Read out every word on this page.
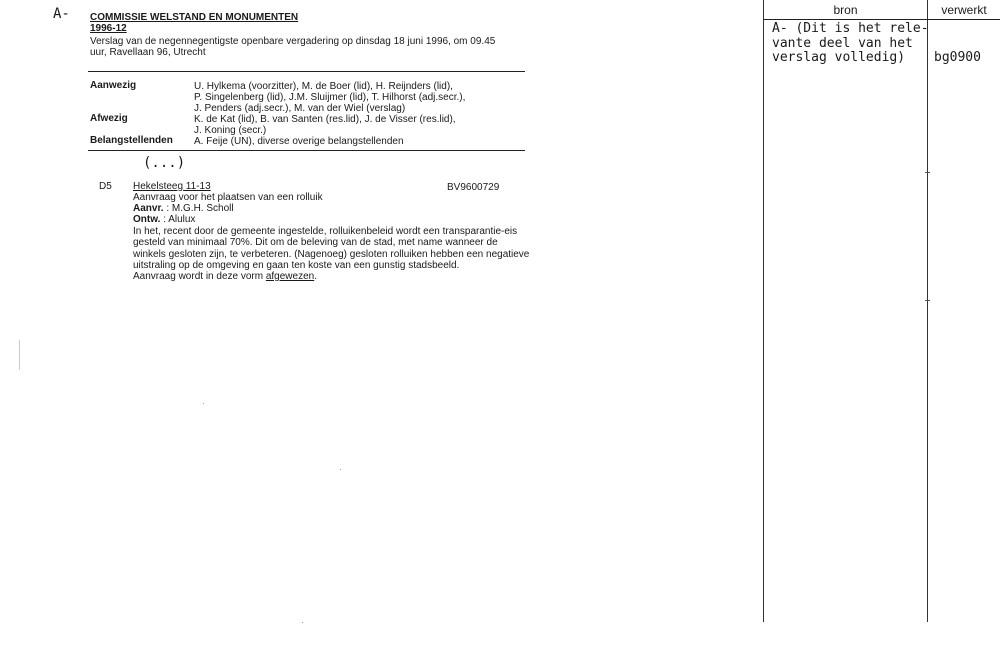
A- COMMISSIE WELSTAND EN MONUMENTEN
1996-12
Verslag van de negennegentigste openbare vergadering op dinsdag 18 juni 1996, om 09.45
uur, Ravellaan 96, Utrecht
Aanwezig	U. Hylkema (voorzitter), M. de Boer (lid), H. Reijnders (lid),
P. Singelenberg (lid), J.M. Sluijmer (lid), T. Hilhorst (adj.secr.),
J. Penders (adj.secr.), M. van der Wiel (verslag)
Afwezig	K. de Kat (lid), B. van Santen (res.lid), J. de Visser (res.lid),
J. Koning (secr.)
Belangstellenden A. Feije (UN), diverse overige belangstellenden
(...)
D5 Hekelsteeg 11-13	BV9600729
Aanvraag voor het plaatsen van een rolluik
Aanvr. : M.G.H. Scholl
Ontw. : Alulux
In het, recent door de gemeente ingestelde, rolluikenbeleid wordt een transparantie-eis
gesteld van minimaal 70%. Dit om de beleving van de stad, met name wanneer de
winkels gesloten zijn, te verbeteren. (Nagenoeg) gesloten rolluiken hebben een negatieve
uitstraling op de omgeving en gaan ten koste van een gunstig stadsbeeld.
Aanvraag wordt in deze vorm afgewezen.
bron	verwerkt
A- (Dit is het rele-
vante deel van het
verslag volledig) bg0900
